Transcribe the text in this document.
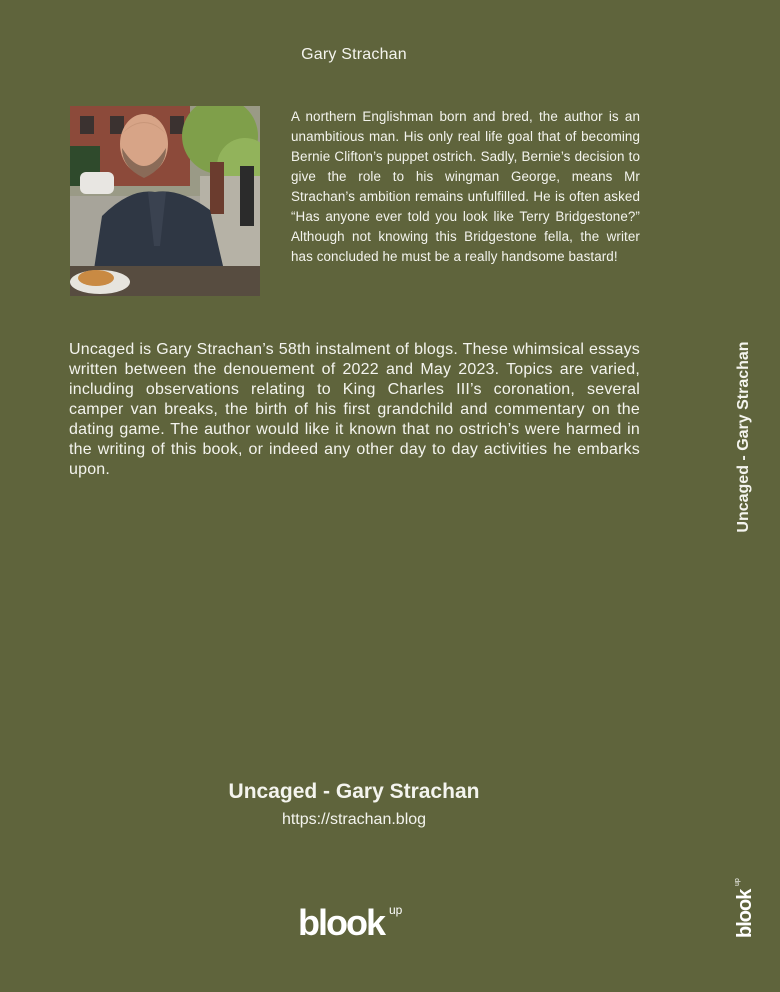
Gary Strachan
A northern Englishman born and bred, the author is an unambitious man. His only real life goal that of becoming Bernie Clifton’s puppet ostrich. Sadly, Bernie’s decision to give the role to his wingman George, means Mr Strachan’s ambition remains unfulfilled. He is often asked “Has anyone ever told you look like Terry Bridgestone?” Although not knowing this Bridgestone fella, the writer has concluded he must be a really handsome bastard!
Uncaged is Gary Strachan’s 58th instalment of blogs. These whimsical essays written between the denouement of 2022 and May 2023. Topics are varied, including observations relating to King Charles III’s coronation, several camper van breaks, the birth of his first grandchild and commentary on the dating game. The author would like it known that no ostrich’s were harmed in the writing of this book, or indeed any other day to day activities he embarks upon.
Uncaged - Gary Strachan
https://strachan.blog
blook up
Uncaged - Gary Strachan
blook
up
